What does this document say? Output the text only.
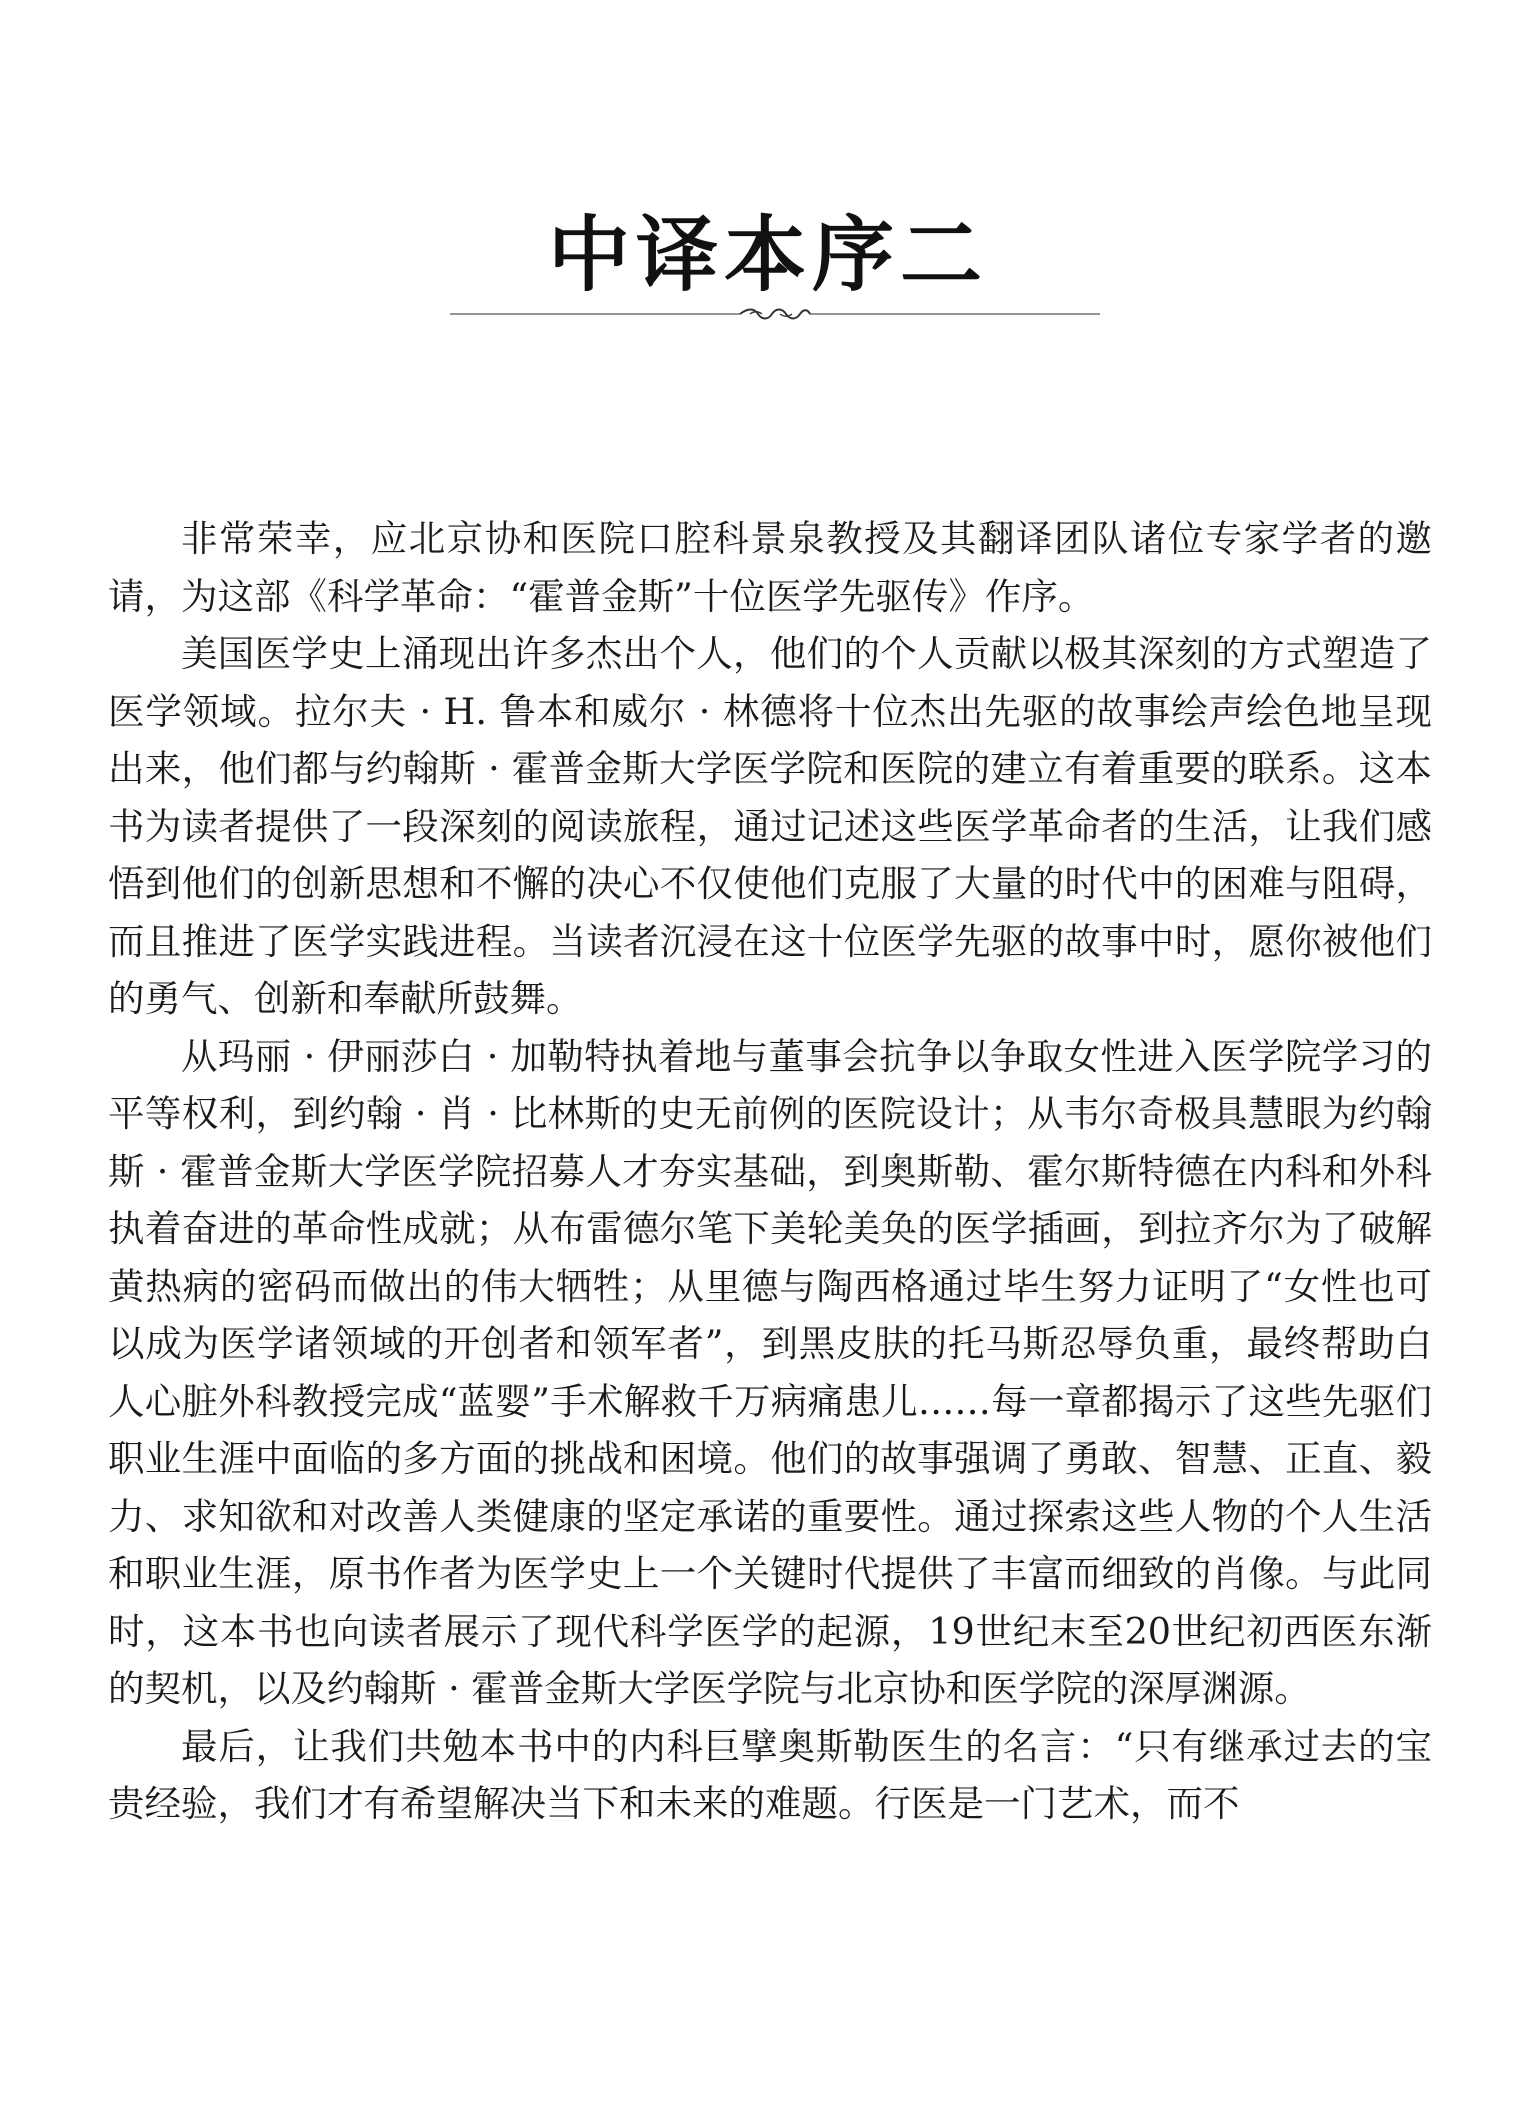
中译本序二

非常荣幸，应北京协和医院口腔科景泉教授及其翻译团队诸位专家学者的邀请，为这部《科学革命：“霍普金斯”十位医学先驱传》作序。

美国医学史上涌现出许多杰出个人，他们的个人贡献以极其深刻的方式塑造了医学领域。拉尔夫 · H. 鲁本和威尔 · 林德将十位杰出先驱的故事绘声绘色地呈现出来，他们都与约翰斯 · 霍普金斯大学医学院和医院的建立有着重要的联系。这本书为读者提供了一段深刻的阅读旅程，通过记述这些医学革命者的生活，让我们感悟到他们的创新思想和不懈的决心不仅使他们克服了大量的时代中的困难与阻碍，而且推进了医学实践进程。当读者沉浸在这十位医学先驱的故事中时，愿你被他们的勇气、创新和奉献所鼓舞。

从玛丽 · 伊丽莎白 · 加勒特执着地与董事会抗争以争取女性进入医学院学习的平等权利，到约翰 · 肖 · 比林斯的史无前例的医院设计；从韦尔奇极具慧眼为约翰斯 · 霍普金斯大学医学院招募人才夯实基础，到奥斯勒、霍尔斯特德在内科和外科执着奋进的革命性成就；从布雷德尔笔下美轮美奂的医学插画，到拉齐尔为了破解黄热病的密码而做出的伟大牺牲；从里德与陶西格通过毕生努力证明了“女性也可以成为医学诸领域的开创者和领军者”，到黑皮肤的托马斯忍辱负重，最终帮助白人心脏外科教授完成“蓝婴”手术解救千万病痛患儿……每一章都揭示了这些先驱们职业生涯中面临的多方面的挑战和困境。他们的故事强调了勇敢、智慧、正直、毅力、求知欲和对改善人类健康的坚定承诺的重要性。通过探索这些人物的个人生活和职业生涯，原书作者为医学史上一个关键时代提供了丰富而细致的肖像。与此同时，这本书也向读者展示了现代科学医学的起源，19世纪末至20世纪初西医东渐的契机，以及约翰斯 · 霍普金斯大学医学院与北京协和医学院的深厚渊源。

最后，让我们共勉本书中的内科巨擘奥斯勒医生的名言：“只有继承过去的宝贵经验，我们才有希望解决当下和未来的难题。行医是一门艺术，而不
